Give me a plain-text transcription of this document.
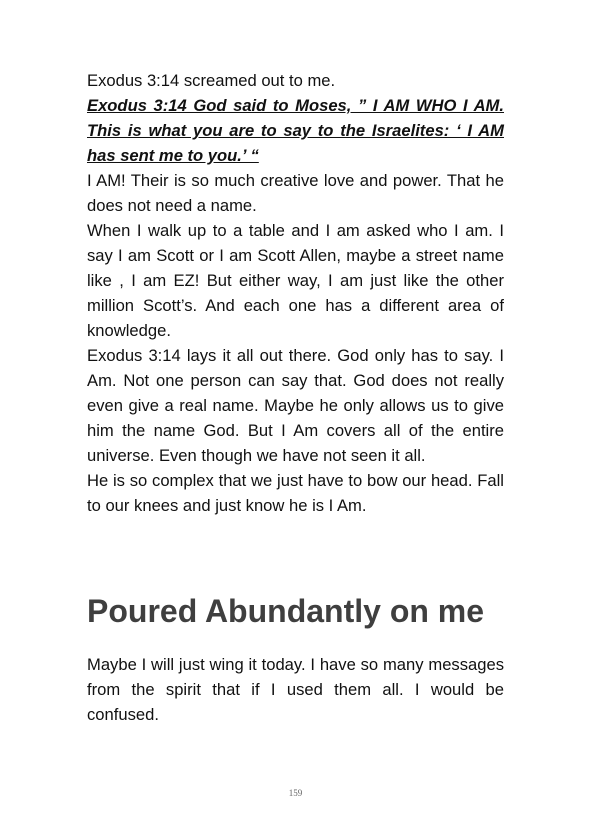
Exodus 3:14 screamed out to me.

Exodus 3:14 God said to Moses, ” I AM WHO I AM. This is what you are to say to the Israelites: ‘ I AM has sent me to you.’ “

I AM! Their is so much creative love and power. That he does not need a name.

When I walk up to a table and I am asked who I am. I say I am Scott or I am Scott Allen, maybe a street name like , I am EZ! But either way, I am just like the other million Scott’s. And each one has a different area of knowledge.

Exodus 3:14 lays it all out there. God only has to say. I Am. Not one person can say that. God does not really even give a real name. Maybe he only allows us to give him the name God. But I Am covers all of the entire universe. Even though we have not seen it all.

He is so complex that we just have to bow our head. Fall to our knees and just know he is I Am.

Poured Abundantly on me

Maybe I will just wing it today. I have so many messages from the spirit that if I used them all. I would be confused.

159
